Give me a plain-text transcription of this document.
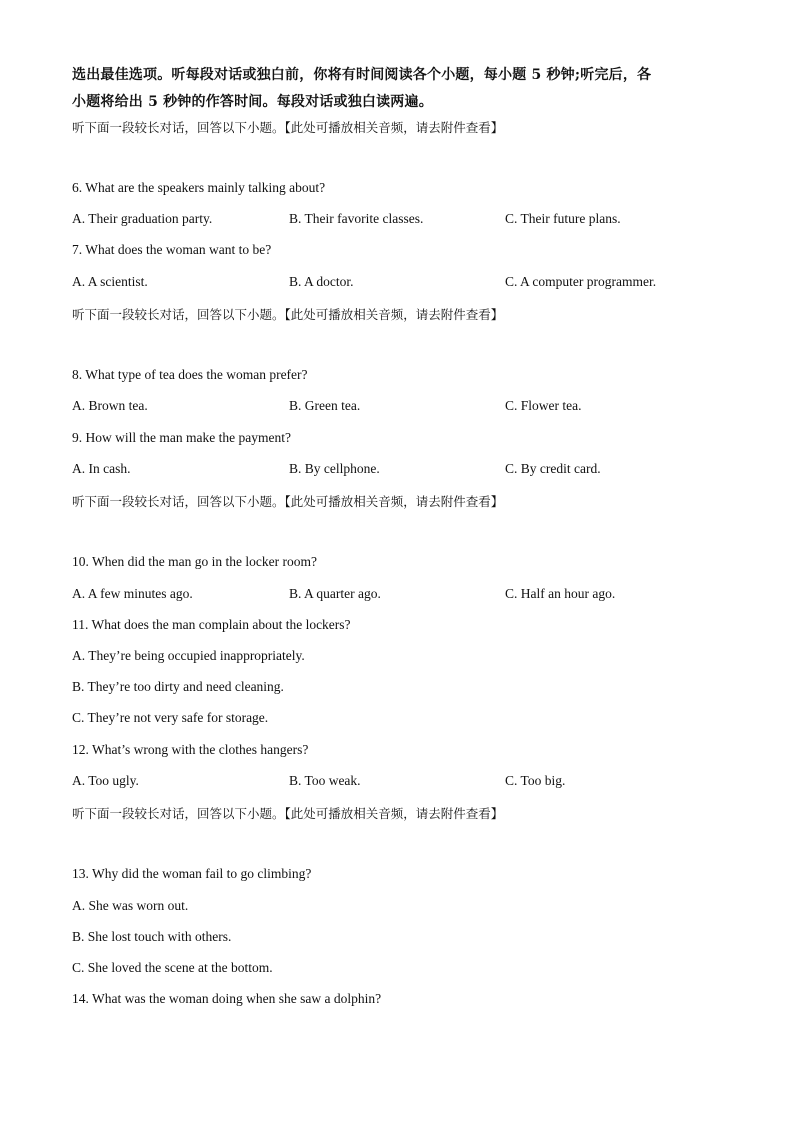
选出最佳选项。听每段对话或独白前，你将有时间阅读各个小题，每小题 5 秒钟;听完后，各
小题将给出 5 秒钟的作答时间。每段对话或独白读两遍。
听下面一段较长对话，回答以下小题。【此处可播放相关音频，请去附件查看】
6. What are the speakers mainly talking about?
A. Their graduation party.	B. Their favorite classes.	C. Their future plans.
7. What does the woman want to be?
A. A scientist.	B. A doctor.	C. A computer programmer.
听下面一段较长对话，回答以下小题。【此处可播放相关音频，请去附件查看】
8. What type of tea does the woman prefer?
A. Brown tea.	B. Green tea.	C. Flower tea.
9. How will the man make the payment?
A. In cash.	B. By cellphone.	C. By credit card.
听下面一段较长对话，回答以下小题。【此处可播放相关音频，请去附件查看】
10. When did the man go in the locker room?
A. A few minutes ago.	B. A quarter ago.	C. Half an hour ago.
11. What does the man complain about the lockers?
A. They’re being occupied inappropriately.
B. They’re too dirty and need cleaning.
C. They’re not very safe for storage.
12. What’s wrong with the clothes hangers?
A. Too ugly.	B. Too weak.	C. Too big.
听下面一段较长对话，回答以下小题。【此处可播放相关音频，请去附件查看】
13. Why did the woman fail to go climbing?
A. She was worn out.
B. She lost touch with others.
C. She loved the scene at the bottom.
14. What was the woman doing when she saw a dolphin?
